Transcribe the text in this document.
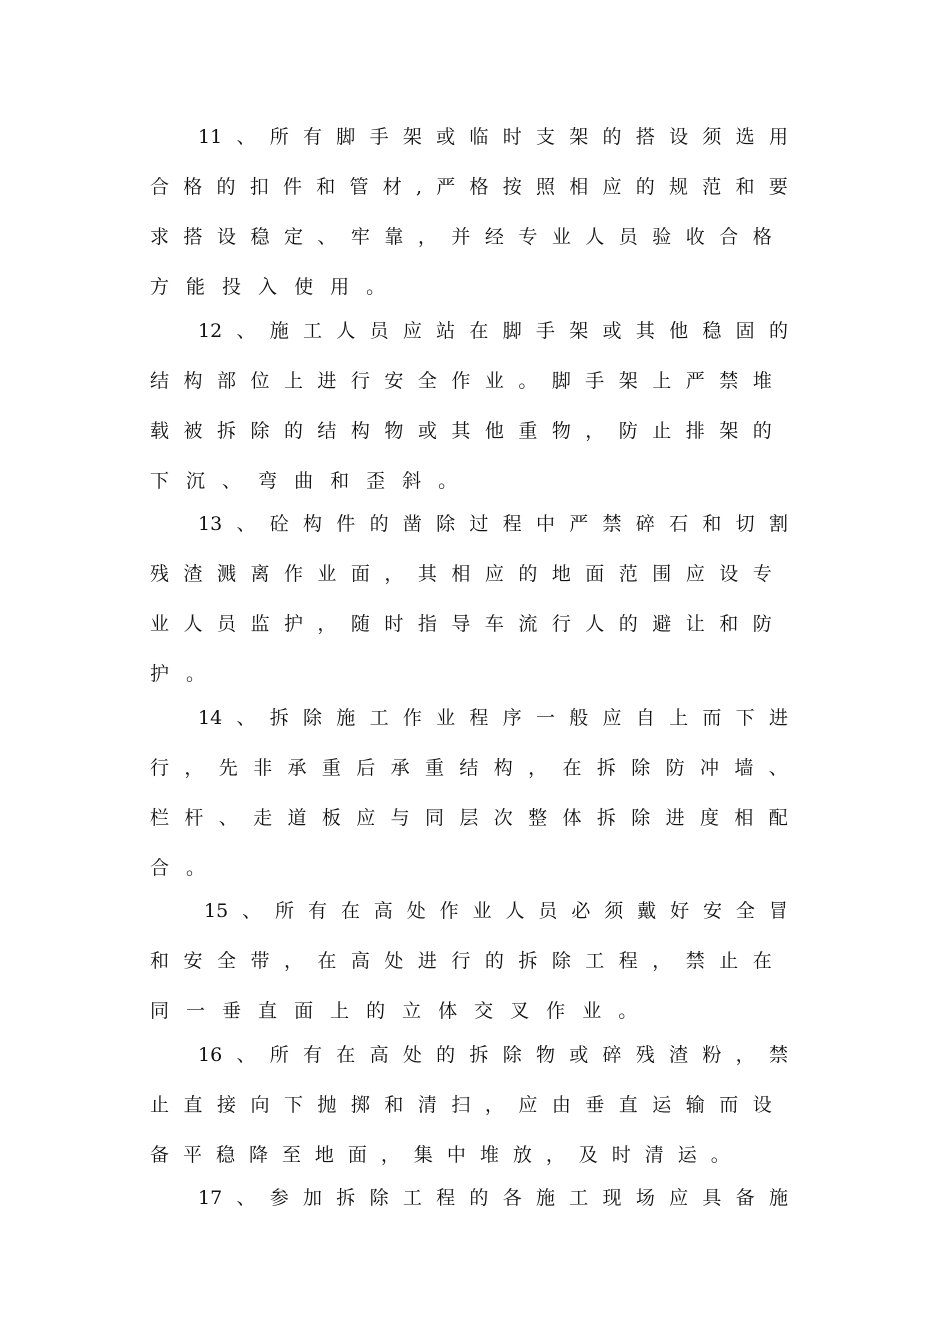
11 、 所 有 脚 手 架 或 临 时 支 架 的 搭 设 须 选 用
合 格 的 扣 件 和 管 材 , 严 格 按 照 相 应 的 规 范 和 要
求 搭 设 稳 定 、 牢 靠 ， 并 经 专 业 人 员 验 收 合 格
方 能 投 入 使 用 。
12 、 施 工 人 员 应 站 在 脚 手 架 或 其 他 稳 固 的
结 构 部 位 上 进 行 安 全 作 业 。 脚 手 架 上 严 禁 堆
载 被 拆 除 的 结 构 物 或 其 他 重 物 ， 防 止 排 架 的
下 沉 、 弯 曲 和 歪 斜 。
13 、 砼 构 件 的 凿 除 过 程 中 严 禁 碎 石 和 切 割
残 渣 溅 离 作 业 面 ， 其 相 应 的 地 面 范 围 应 设 专
业 人 员 监 护 ， 随 时 指 导 车 流 行 人 的 避 让 和 防
护 。
14 、 拆 除 施 工 作 业 程 序 一 般 应 自 上 而 下 进
行 ， 先 非 承 重 后 承 重 结 构 ， 在 拆 除 防 冲 墙 、
栏 杆 、 走 道 板 应 与 同 层 次 整 体 拆 除 进 度 相 配
合 。
15 、 所 有 在 高 处 作 业 人 员 必 须 戴 好 安 全 冒
和 安 全 带 ， 在 高 处 进 行 的 拆 除 工 程 ， 禁 止 在
同 一 垂 直 面 上 的 立 体 交 叉 作 业 。
16 、 所 有 在 高 处 的 拆 除 物 或 碎 残 渣 粉 ， 禁
止 直 接 向 下 抛 掷 和 清 扫 ， 应 由 垂 直 运 输 而 设
备 平 稳 降 至 地 面 ， 集 中 堆 放 ， 及 时 清 运 。
17 、 参 加 拆 除 工 程 的 各 施 工 现 场 应 具 备 施
